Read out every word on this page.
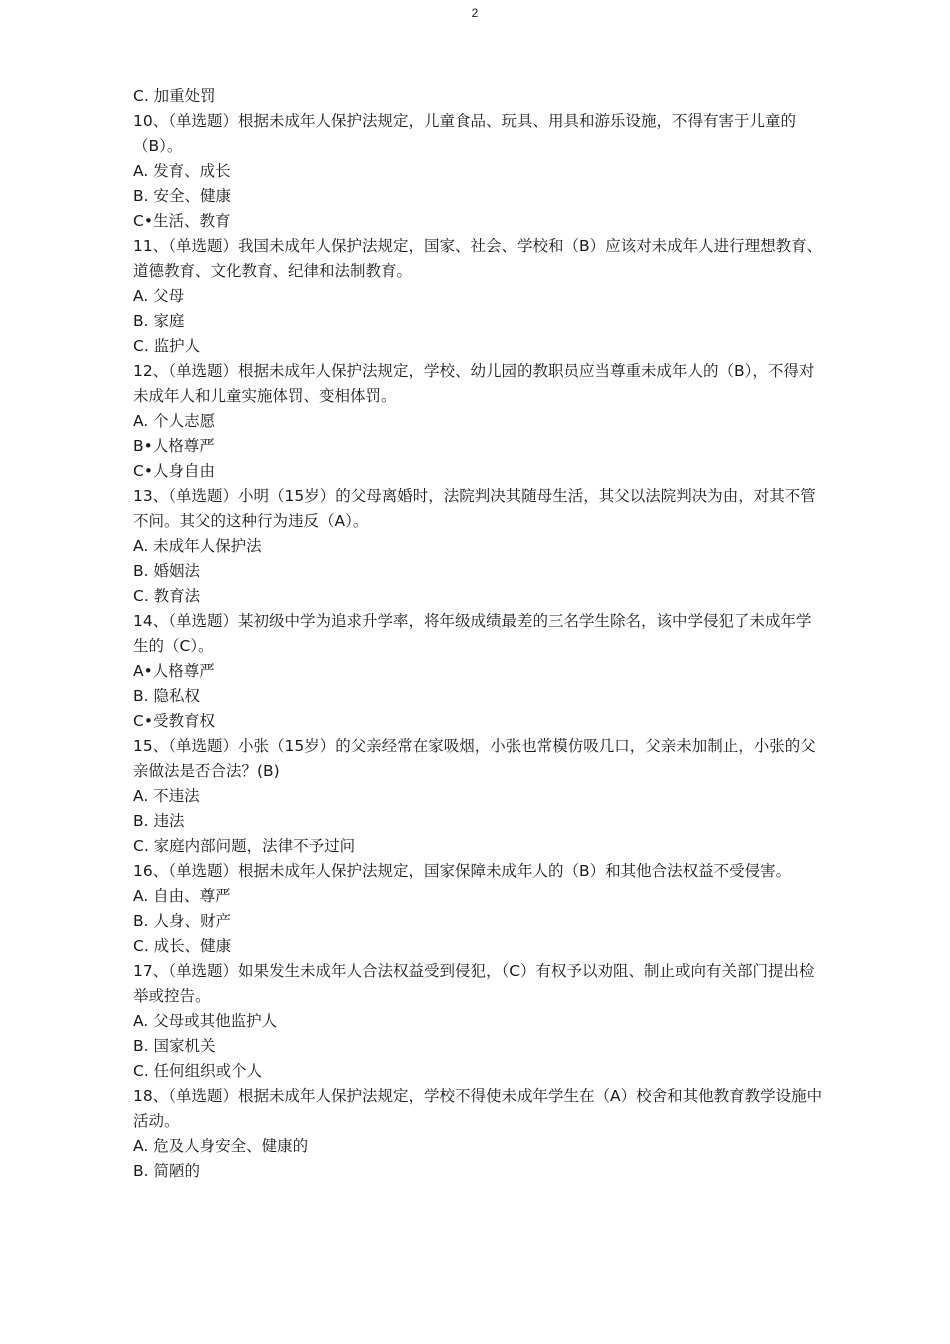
2
C. 加重处罚
10、（单选题）根据未成年人保护法规定，儿童食品、玩具、用具和游乐设施，不得有害于儿童的（B）。
A. 发育、成长
B. 安全、健康
C•生活、教育
11、（单选题）我国未成年人保护法规定，国家、社会、学校和（B）应该对未成年人进行理想教育、道德教育、文化教育、纪律和法制教育。
A. 父母
B. 家庭
C. 监护人
12、（单选题）根据未成年人保护法规定，学校、幼儿园的教职员应当尊重未成年人的（B），不得对未成年人和儿童实施体罚、变相体罚。
A. 个人志愿
B•人格尊严
C•人身自由
13、（单选题）小明（15岁）的父母离婚时，法院判决其随母生活，其父以法院判决为由，对其不管不问。其父的这种行为违反（A）。
A. 未成年人保护法
B. 婚姻法
C. 教育法
14、（单选题）某初级中学为追求升学率，将年级成绩最差的三名学生除名，该中学侵犯了未成年学生的（C）。
A•人格尊严
B. 隐私权
C•受教育权
15、（单选题）小张（15岁）的父亲经常在家吸烟，小张也常模仿吸几口，父亲未加制止，小张的父亲做法是否合法？(B)
A. 不违法
B. 违法
C. 家庭内部问题，法律不予过问
16、（单选题）根据未成年人保护法规定，国家保障未成年人的（B）和其他合法权益不受侵害。
A. 自由、尊严
B. 人身、财产
C. 成长、健康
17、（单选题）如果发生未成年人合法权益受到侵犯，（C）有权予以劝阻、制止或向有关部门提出检举或控告。
A. 父母或其他监护人
B. 国家机关
C. 任何组织或个人
18、（单选题）根据未成年人保护法规定，学校不得使未成年学生在（A）校舍和其他教育教学设施中活动。
A. 危及人身安全、健康的
B. 简陋的
